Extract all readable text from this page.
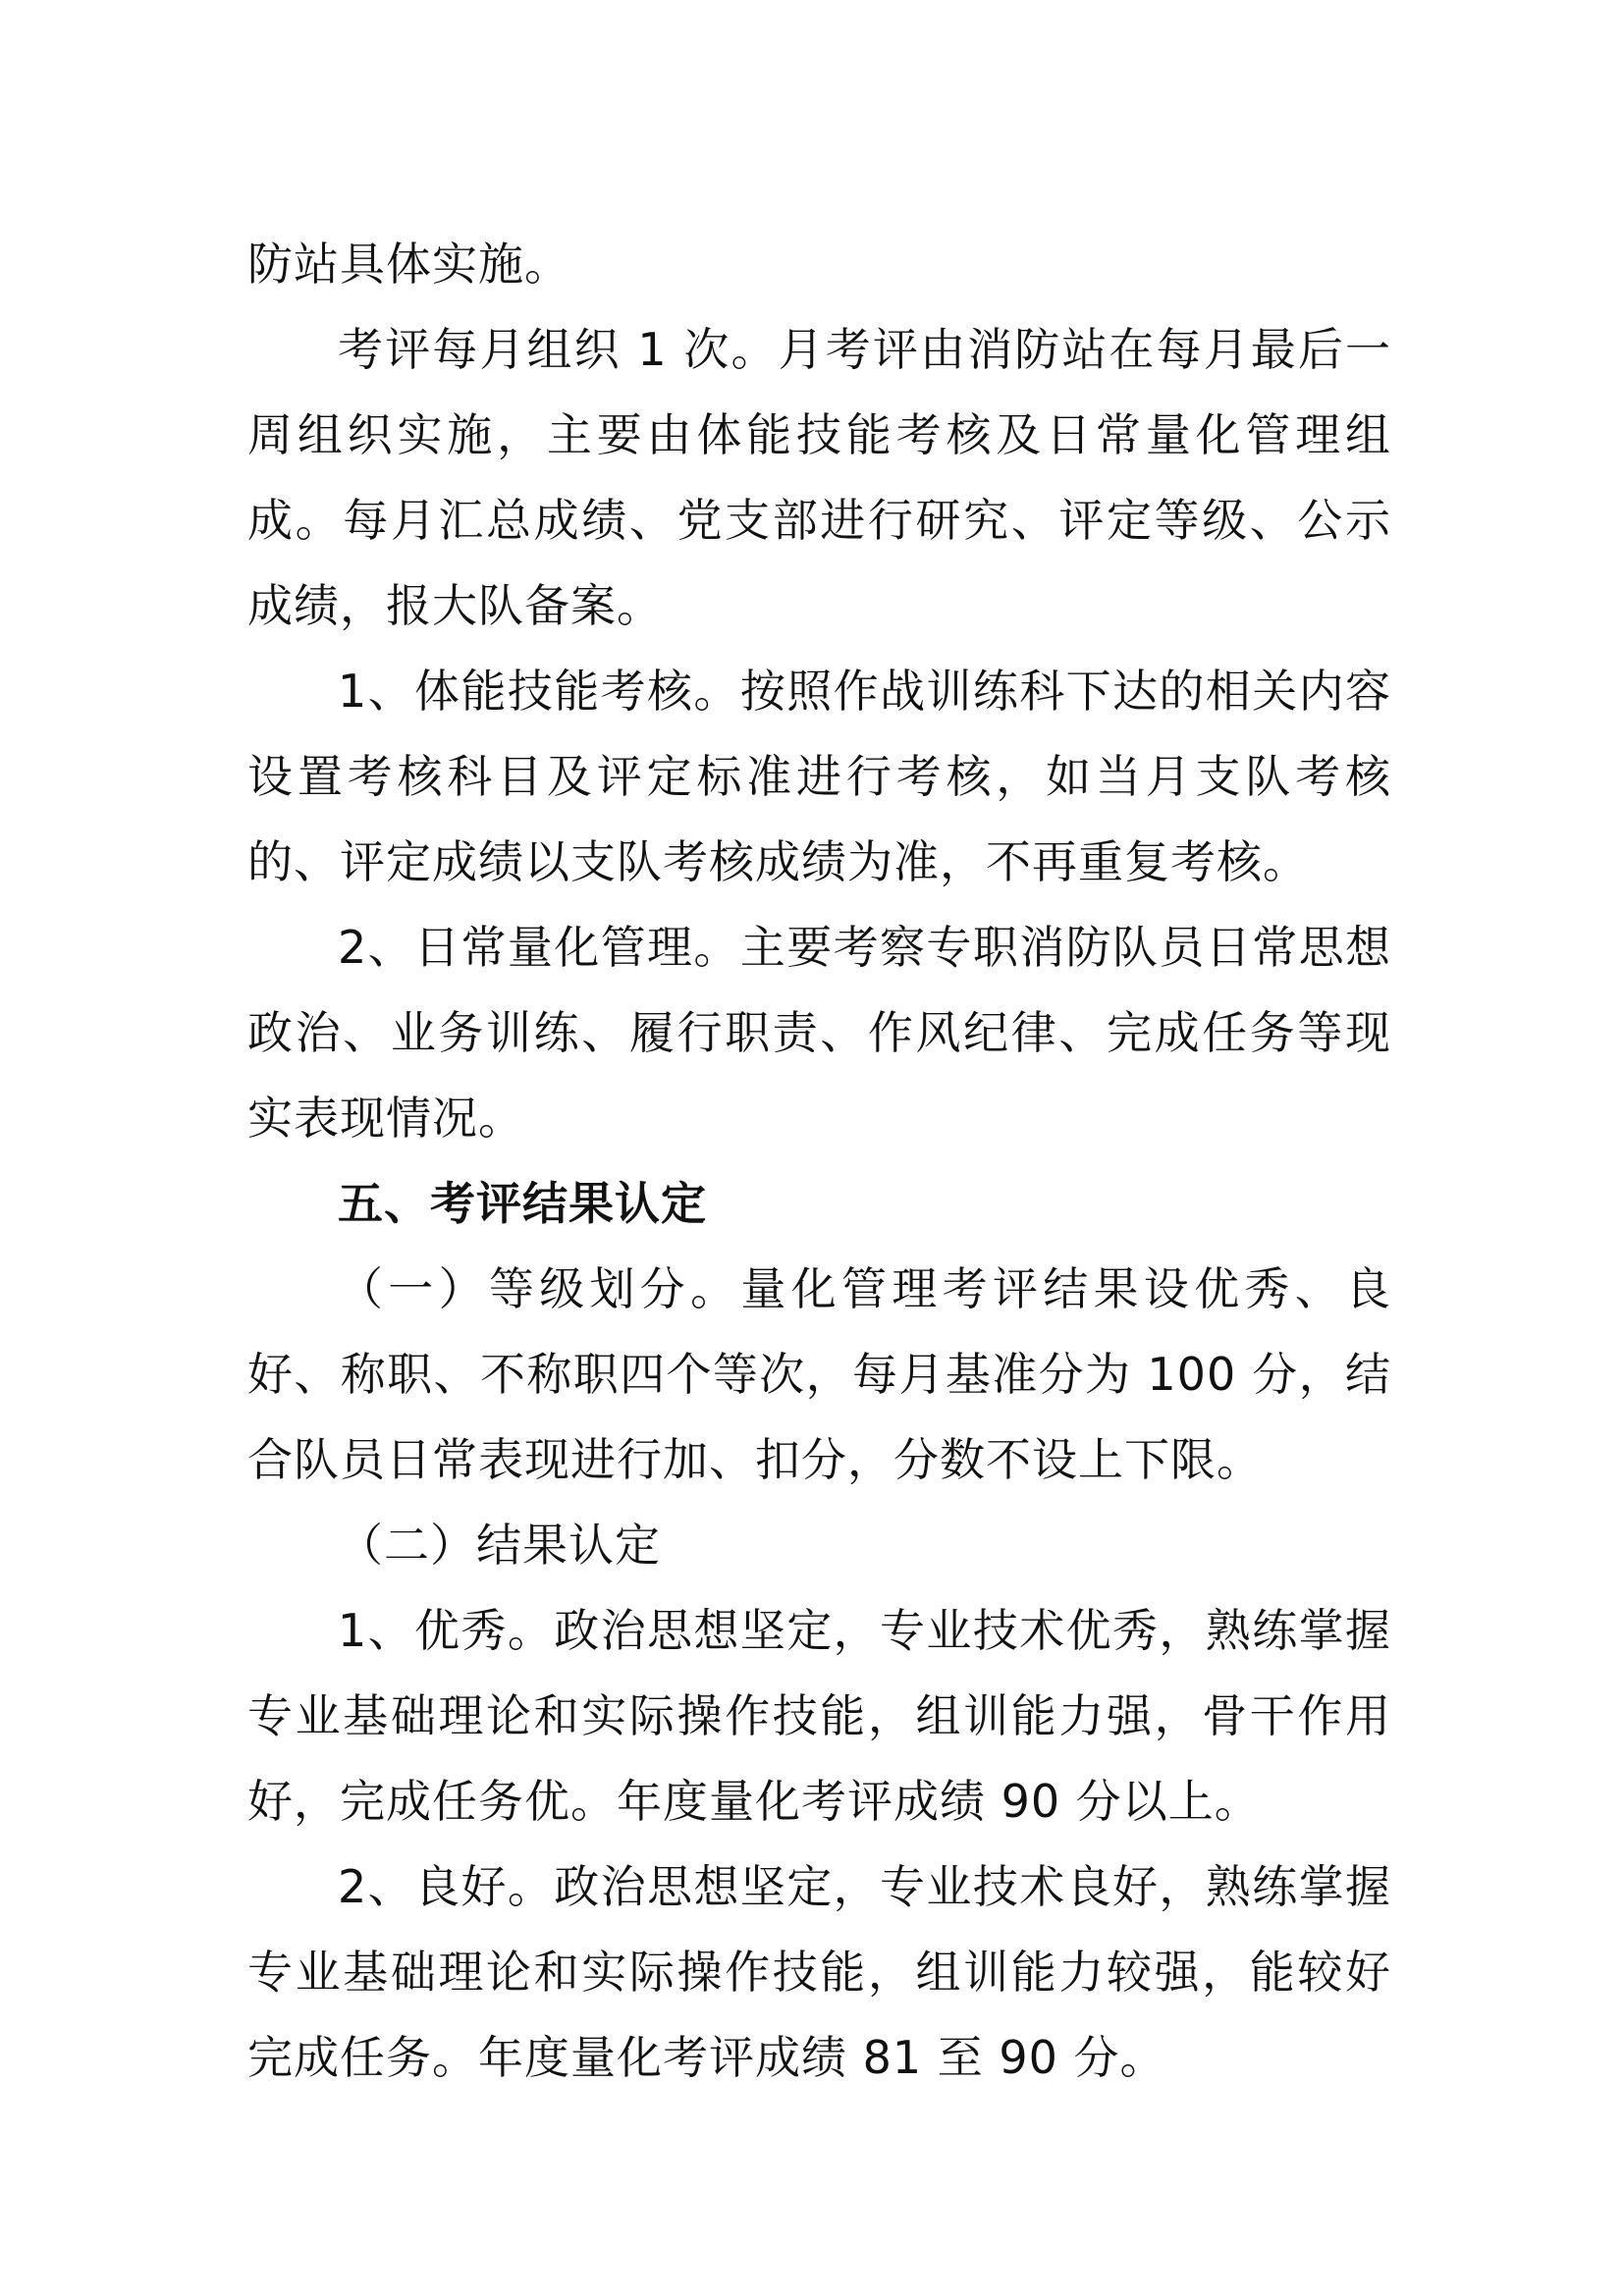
防站具体实施。

考评每月组织 1 次。月考评由消防站在每月最后一周组织实施，主要由体能技能考核及日常量化管理组成。每月汇总成绩、党支部进行研究、评定等级、公示成绩，报大队备案。

1、体能技能考核。按照作战训练科下达的相关内容设置考核科目及评定标准进行考核，如当月支队考核的、评定成绩以支队考核成绩为准，不再重复考核。

2、日常量化管理。主要考察专职消防队员日常思想政治、业务训练、履行职责、作风纪律、完成任务等现实表现情况。

五、考评结果认定

（一）等级划分。量化管理考评结果设优秀、良好、称职、不称职四个等次，每月基准分为 100 分，结合队员日常表现进行加、扣分，分数不设上下限。

（二）结果认定

1、优秀。政治思想坚定，专业技术优秀，熟练掌握专业基础理论和实际操作技能，组训能力强，骨干作用好，完成任务优。年度量化考评成绩 90 分以上。

2、良好。政治思想坚定，专业技术良好，熟练掌握专业基础理论和实际操作技能，组训能力较强，能较好完成任务。年度量化考评成绩 81 至 90 分。
